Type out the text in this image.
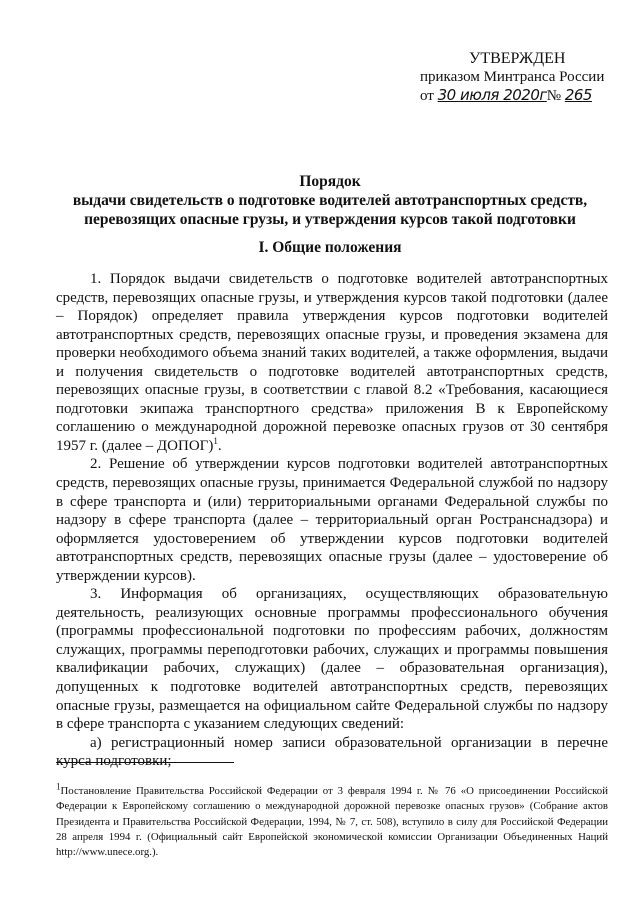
УТВЕРЖДЕН
приказом Минтранса России
от 30 июля 2020г№ 265
Порядок
выдачи свидетельств о подготовке водителей автотранспортных средств,
перевозящих опасные грузы, и утверждения курсов такой подготовки
I. Общие положения

1. Порядок выдачи свидетельств о подготовке водителей автотранспортных средств, перевозящих опасные грузы, и утверждения курсов такой подготовки (далее – Порядок) определяет правила утверждения курсов подготовки водителей автотранспортных средств, перевозящих опасные грузы, и проведения экзамена для проверки необходимого объема знаний таких водителей, а также оформления, выдачи и получения свидетельств о подготовке водителей автотранспортных средств, перевозящих опасные грузы, в соответствии с главой 8.2 «Требования, касающиеся подготовки экипажа транспортного средства» приложения В к Европейскому соглашению о международной дорожной перевозке опасных грузов от 30 сентября 1957 г. (далее – ДОПОГ)$^1$.

2. Решение об утверждении курсов подготовки водителей автотранспортных средств, перевозящих опасные грузы, принимается Федеральной службой по надзору в сфере транспорта и (или) территориальными органами Федеральной службы по надзору в сфере транспорта (далее – территориальный орган Ространснадзора) и оформляется удостоверением об утверждении курсов подготовки водителей автотранспортных средств, перевозящих опасные грузы (далее – удостоверение об утверждении курсов).

3. Информация об организациях, осуществляющих образовательную деятельность, реализующих основные программы профессионального обучения (программы профессиональной подготовки по профессиям рабочих, должностям служащих, программы переподготовки рабочих, служащих и программы повышения квалификации рабочих, служащих) (далее – образовательная организация), допущенных к подготовке водителей автотранспортных средств, перевозящих опасные грузы, размещается на официальном сайте Федеральной службы по надзору в сфере транспорта с указанием следующих сведений:

а) регистрационный номер записи образовательной организации в перечне курса подготовки;

$^1$Постановление Правительства Российской Федерации от 3 февраля 1994 г. № 76 «О присоединении Российской Федерации к Европейскому соглашению о международной дорожной перевозке опасных грузов» (Собрание актов Президента и Правительства Российской Федерации, 1994, № 7, ст. 508), вступило в силу для Российской Федерации 28 апреля 1994 г. (Официальный сайт Европейской экономической комиссии Организации Объединенных Наций http://www.unece.org.).
